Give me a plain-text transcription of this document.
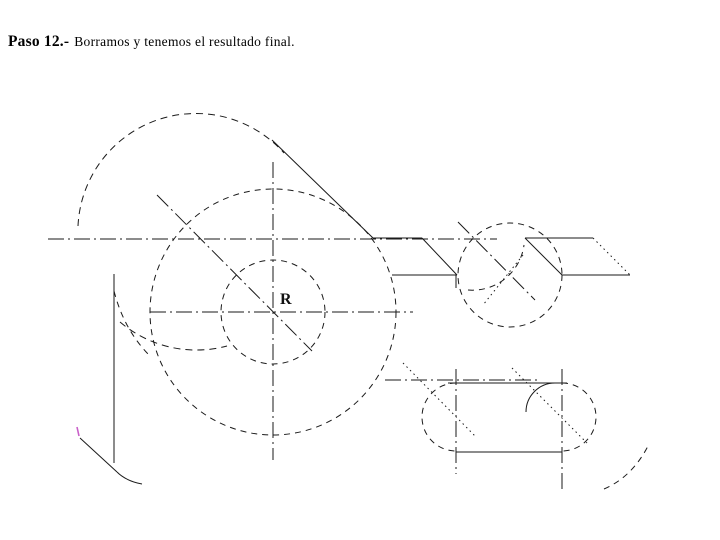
Paso 12.- Borramos y tenemos el resultado final.
R
